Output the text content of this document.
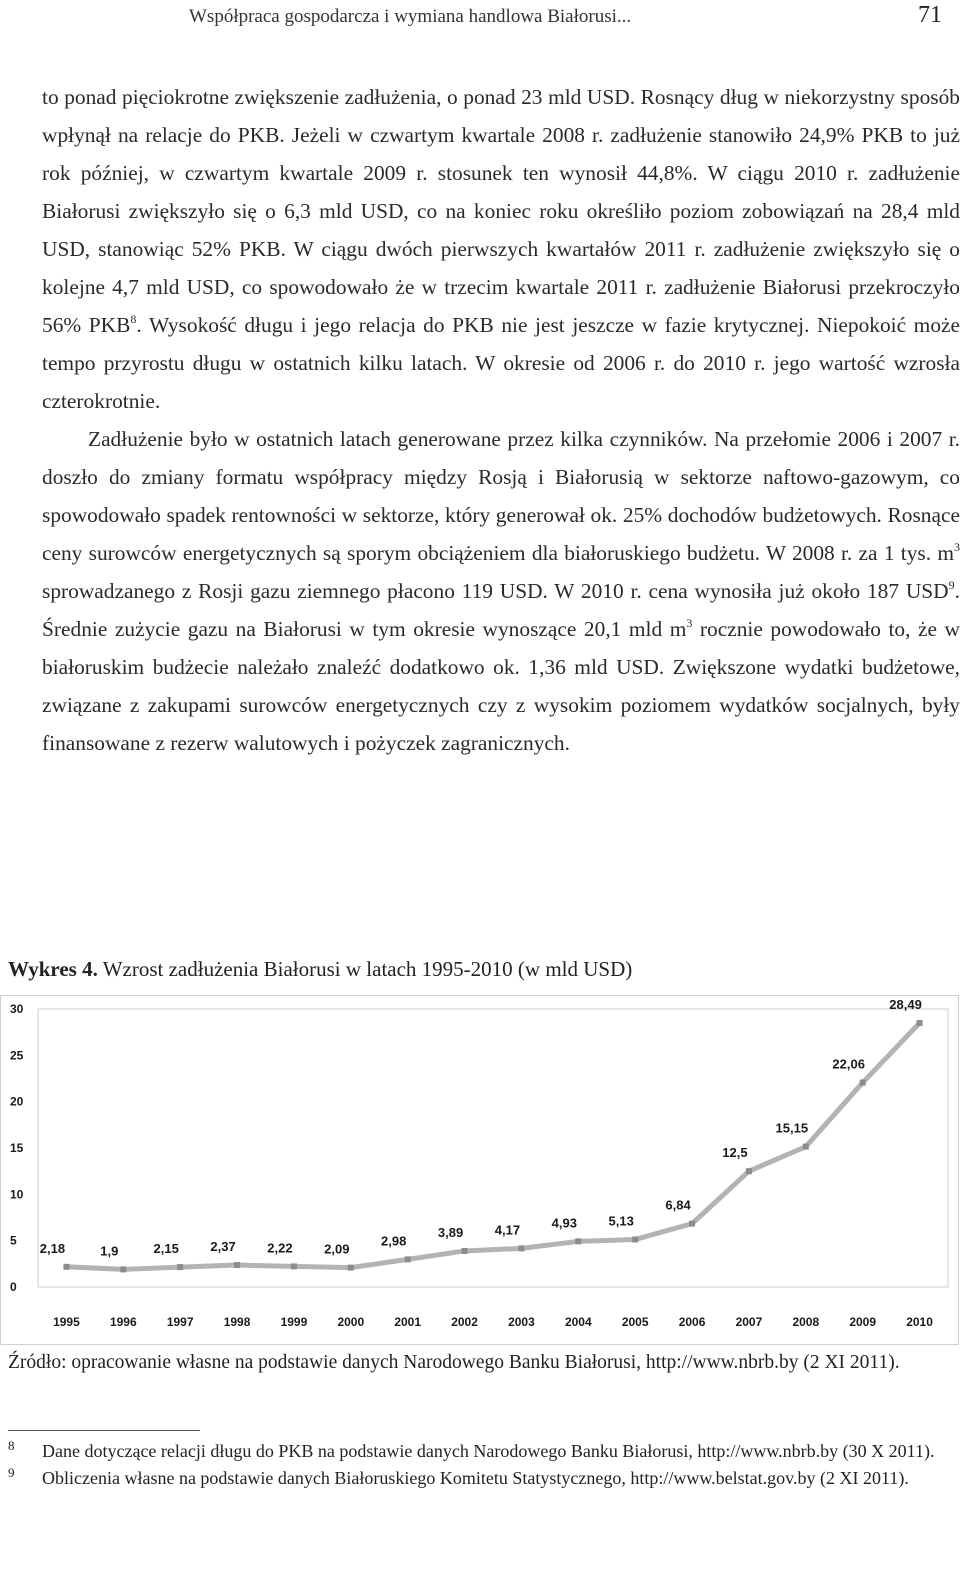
Współpraca gospodarcza i wymiana handlowa Białorusi...	71

to ponad pięciokrotne zwiększenie zadłużenia, o ponad 23 mld USD. Rosnący dług w niekorzystny sposób wpłynął na relacje do PKB. Jeżeli w czwartym kwartale 2008 r. zadłużenie stanowiło 24,9% PKB to już rok później, w czwartym kwartale 2009 r. stosunek ten wynosił 44,8%. W ciągu 2010 r. zadłużenie Białorusi zwiększyło się o 6,3 mld USD, co na koniec roku określiło poziom zobowiązań na 28,4 mld USD, stanowiąc 52% PKB. W ciągu dwóch pierwszych kwartałów 2011 r. zadłużenie zwiększyło się o kolejne 4,7 mld USD, co spowodowało że w trzecim kwartale 2011 r. zadłużenie Białorusi przekroczyło 56% PKB$^8$. Wysokość długu i jego relacja do PKB nie jest jeszcze w fazie krytycznej. Niepokoić może tempo przyrostu długu w ostatnich kilku latach. W okresie od 2006 r. do 2010 r. jego wartość wzrosła czterokrotnie.

Zadłużenie było w ostatnich latach generowane przez kilka czynników. Na przełomie 2006 i 2007 r. doszło do zmiany formatu współpracy między Rosją i Białorusią w sektorze naftowo-gazowym, co spowodowało spadek rentowności w sektorze, który generował ok. 25% dochodów budżetowych. Rosnące ceny surowców energetycznych są sporym obciążeniem dla białoruskiego budżetu. W 2008 r. za 1 tys. $m^3$ sprowadzanego z Rosji gazu ziemnego płacono 119 USD. W 2010 r. cena wynosiła już około 187 USD$^9$. Średnie zużycie gazu na Białorusi w tym okresie wynoszące 20,1 mld $m^3$ rocznie powodowało to, że w białoruskim budżecie należało znaleźć dodatkowo ok. 1,36 mld USD. Zwiększone wydatki budżetowe, związane z zakupami surowców energetycznych czy z wysokim poziomem wydatków socjalnych, były finansowane z rezerw walutowych i pożyczek zagranicznych.

Wykres 4. Wzrost zadłużenia Białorusi w latach 1995-2010 (w mld USD)
0
5
10
15
20
25
30
1995	1996	1997	1998	1999	2000	2001	2002	2003	2004	2005	2006	2007	2008	2009	2010
2,18	1,9	2,15 2,37 2,22 2,09
2,98
3,89 4,17 4,93 5,13
6,84
12,5
15,15
22,06
28,49
Źródło: opracowanie własne na podstawie danych Narodowego Banku Białorusi, http://www.nbrb.by (2 XI 2011).
8 Dane dotyczące relacji długu do PKB na podstawie danych Narodowego Banku Białorusi, http://www.nbrb.by (30 X 2011).
9 Obliczenia własne na podstawie danych Białoruskiego Komitetu Statystycznego, http://www.belstat.gov.by (2 XI 2011).
